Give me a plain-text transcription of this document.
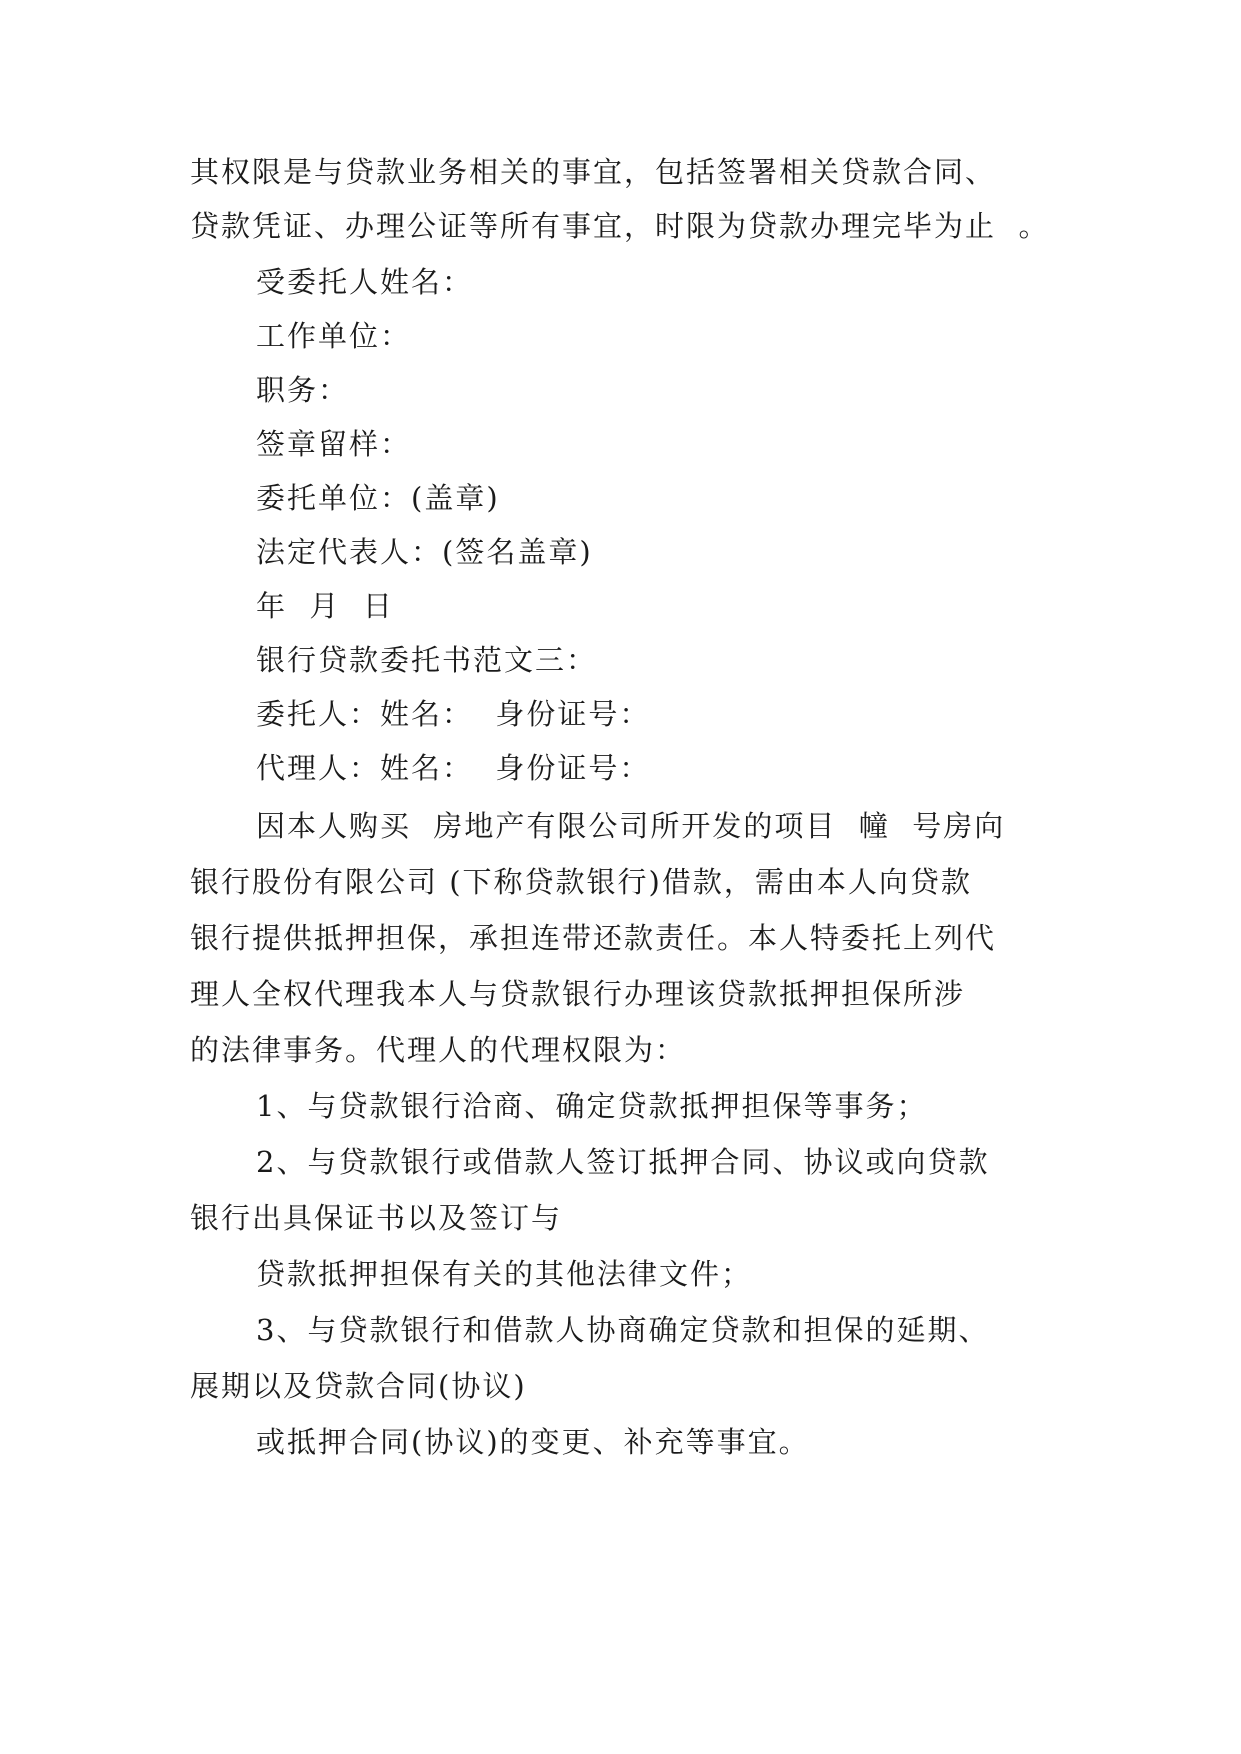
其权限是与贷款业务相关的事宜，包括签署相关贷款合同、
贷款凭证、办理公证等所有事宜，时限为贷款办理完毕为止  。
受委托人姓名：
工作单位：
职务：
签章留样：
委托单位：(盖章)
法定代表人：(签名盖章)
年  月  日
银行贷款委托书范文三：
委托人：姓名：  身份证号：
代理人：姓名：  身份证号：
因本人购买  房地产有限公司所开发的项目  幢  号房向
银行股份有限公司 (下称贷款银行)借款，需由本人向贷款
银行提供抵押担保，承担连带还款责任。本人特委托上列代
理人全权代理我本人与贷款银行办理该贷款抵押担保所涉
的法律事务。代理人的代理权限为：
1、与贷款银行洽商、确定贷款抵押担保等事务；
2、与贷款银行或借款人签订抵押合同、协议或向贷款
银行出具保证书以及签订与
贷款抵押担保有关的其他法律文件；
3、与贷款银行和借款人协商确定贷款和担保的延期、
展期以及贷款合同(协议)
或抵押合同(协议)的变更、补充等事宜。
